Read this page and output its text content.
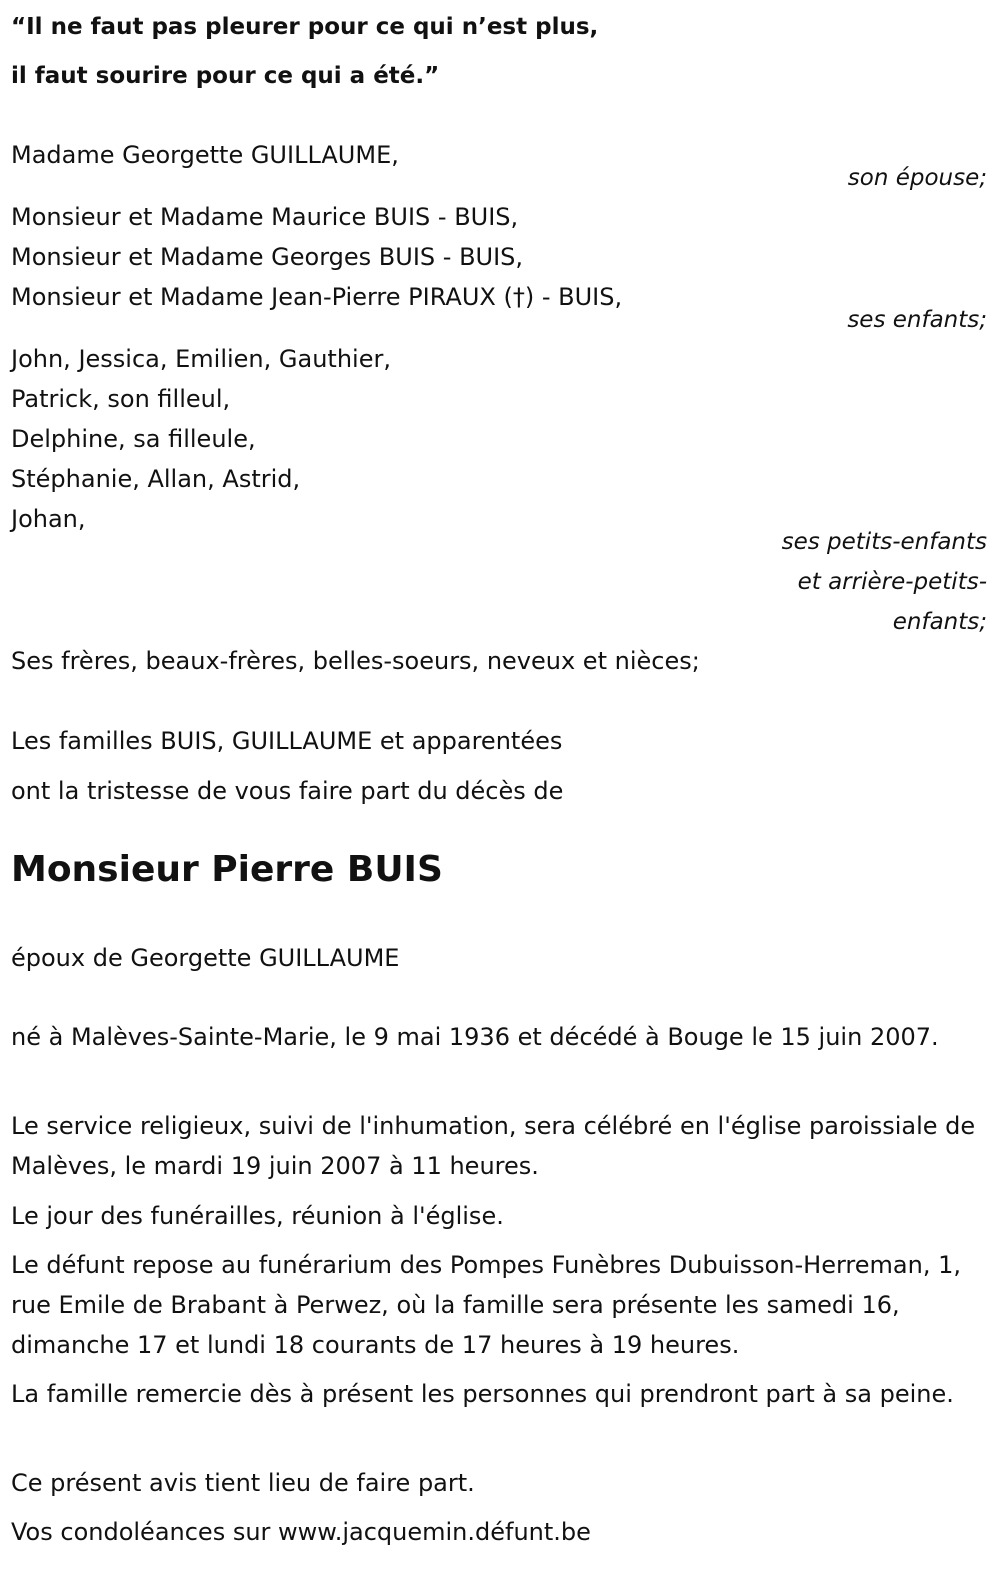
“Il ne faut pas pleurer pour ce qui n’est plus,
il faut sourire pour ce qui a été.”
Madame Georgette GUILLAUME,
son épouse;
Monsieur et Madame Maurice BUIS - BUIS,
Monsieur et Madame Georges BUIS - BUIS,
Monsieur et Madame Jean-Pierre PIRAUX (†) - BUIS,
ses enfants;
John, Jessica, Emilien, Gauthier,
Patrick, son filleul,
Delphine, sa filleule,
Stéphanie, Allan, Astrid,
Johan,
ses petits-enfants
et arrière-petits-
enfants;
Ses frères, beaux-frères, belles-soeurs, neveux et nièces;
Les familles BUIS, GUILLAUME et apparentées
ont la tristesse de vous faire part du décès de
Monsieur Pierre BUIS
époux de Georgette GUILLAUME
né à Malèves-Sainte-Marie, le 9 mai 1936 et décédé à Bouge le 15 juin 2007.
Le service religieux, suivi de l'inhumation, sera célébré en l'église paroissiale de Malèves, le mardi 19 juin 2007 à 11 heures.
Le jour des funérailles, réunion à l'église.
Le défunt repose au funérarium des Pompes Funèbres Dubuisson-Herreman, 1, rue Emile de Brabant à Perwez, où la famille sera présente les samedi 16, dimanche 17 et lundi 18 courants de 17 heures à 19 heures.
La famille remercie dès à présent les personnes qui prendront part à sa peine.
Ce présent avis tient lieu de faire part.
Vos condoléances sur www.jacquemin.défunt.be
